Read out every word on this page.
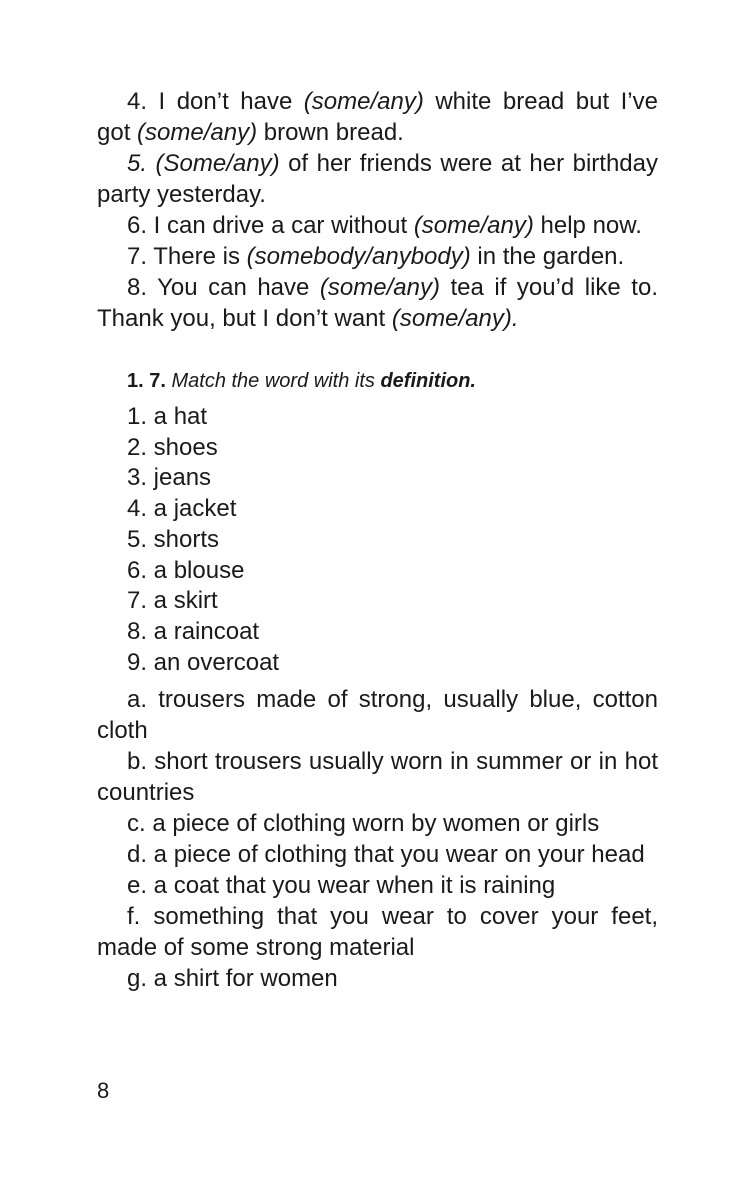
4. I don’t have (some/any) white bread but I’ve got (some/any) brown bread.

5. (Some/any) of her friends were at her birthday party yesterday.

6. I can drive a car without (some/any) help now.

7. There is (somebody/anybody) in the garden.

8. You can have (some/any) tea if you’d like to. Thank you, but I don’t want (some/any).

1. 7. Match the word with its definition.
1. a hat
2. shoes
3. jeans
4. a jacket
5. shorts
6. a blouse
7. a skirt
8. a raincoat
9. an overcoat

a. trousers made of strong, usually blue, cotton cloth

b. short trousers usually worn in summer or in hot countries

c. a piece of clothing worn by women or girls

d. a piece of clothing that you wear on your head

e. a coat that you wear when it is raining

f. something that you wear to cover your feet, made of some strong material

g. a shirt for women

8
